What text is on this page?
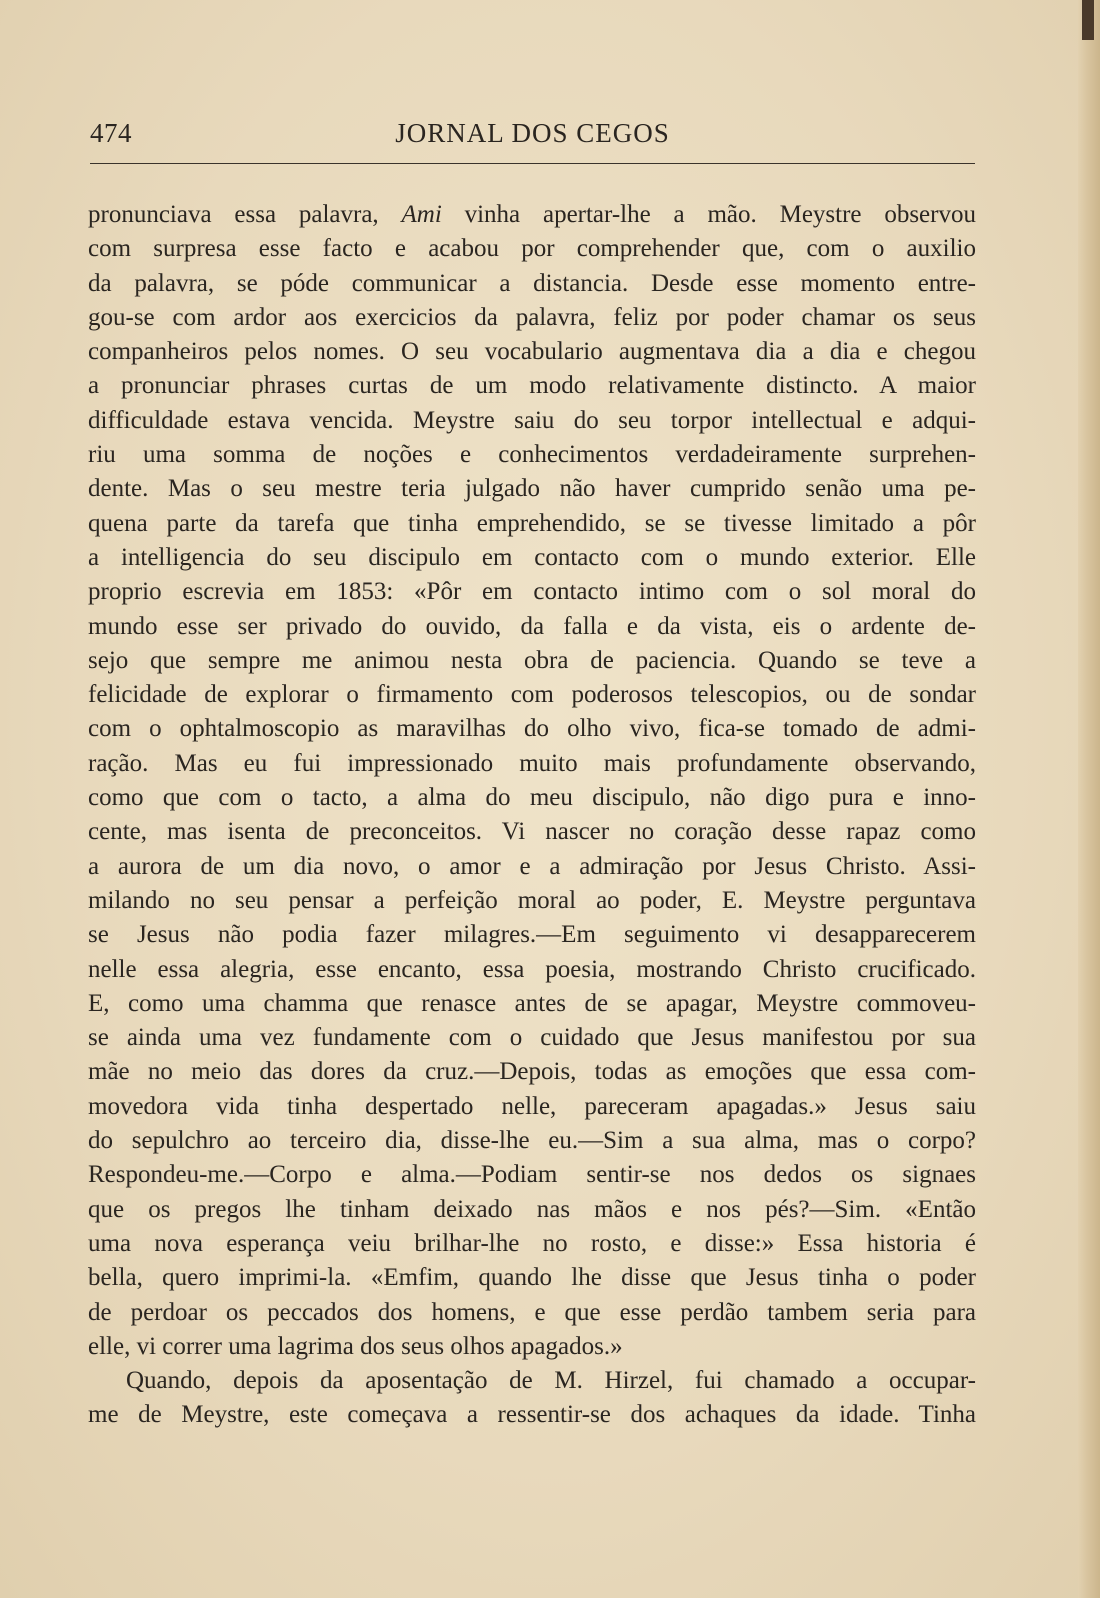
474	JORNAL DOS CEGOS
pronunciava essa palavra, Ami vinha apertar-lhe a mão. Meystre observou
com surpresa esse facto e acabou por comprehender que, com o auxilio
da palavra, se póde communicar a distancia. Desde esse momento entre-
gou-se com ardor aos exercicios da palavra, feliz por poder chamar os seus
companheiros pelos nomes. O seu vocabulario augmentava dia a dia e chegou
a pronunciar phrases curtas de um modo relativamente distincto. A maior
difficuldade estava vencida. Meystre saiu do seu torpor intellectual e adqui-
riu uma somma de noções e conhecimentos verdadeiramente surprehen-
dente. Mas o seu mestre teria julgado não haver cumprido senão uma pe-
quena parte da tarefa que tinha emprehendido, se se tivesse limitado a pôr
a intelligencia do seu discipulo em contacto com o mundo exterior. Elle
proprio escrevia em 1853: «Pôr em contacto intimo com o sol moral do
mundo esse ser privado do ouvido, da falla e da vista, eis o ardente de-
sejo que sempre me animou nesta obra de paciencia. Quando se teve a
felicidade de explorar o firmamento com poderosos telescopios, ou de sondar
com o ophtalmoscopio as maravilhas do olho vivo, fica-se tomado de admi-
ração. Mas eu fui impressionado muito mais profundamente observando,
como que com o tacto, a alma do meu discipulo, não digo pura e inno-
cente, mas isenta de preconceitos. Vi nascer no coração desse rapaz como
a aurora de um dia novo, o amor e a admiração por Jesus Christo. Assi-
milando no seu pensar a perfeição moral ao poder, E. Meystre perguntava
se Jesus não podia fazer milagres.—Em seguimento vi desapparecerem
nelle essa alegria, esse encanto, essa poesia, mostrando Christo crucificado.
E, como uma chamma que renasce antes de se apagar, Meystre commoveu-
se ainda uma vez fundamente com o cuidado que Jesus manifestou por sua
mãe no meio das dores da cruz.—Depois, todas as emoções que essa com-
movedora vida tinha despertado nelle, pareceram apagadas.» Jesus saiu
do sepulchro ao terceiro dia, disse-lhe eu.—Sim a sua alma, mas o corpo?
Respondeu-me.—Corpo e alma.—Podiam sentir-se nos dedos os signaes
que os pregos lhe tinham deixado nas mãos e nos pés?—Sim. «Então
uma nova esperança veiu brilhar-lhe no rosto, e disse:» Essa historia é
bella, quero imprimi-la. «Emfim, quando lhe disse que Jesus tinha o poder
de perdoar os peccados dos homens, e que esse perdão tambem seria para
elle, vi correr uma lagrima dos seus olhos apagados.»
Quando, depois da aposentação de M. Hirzel, fui chamado a occupar-
me de Meystre, este começava a ressentir-se dos achaques da idade. Tinha
